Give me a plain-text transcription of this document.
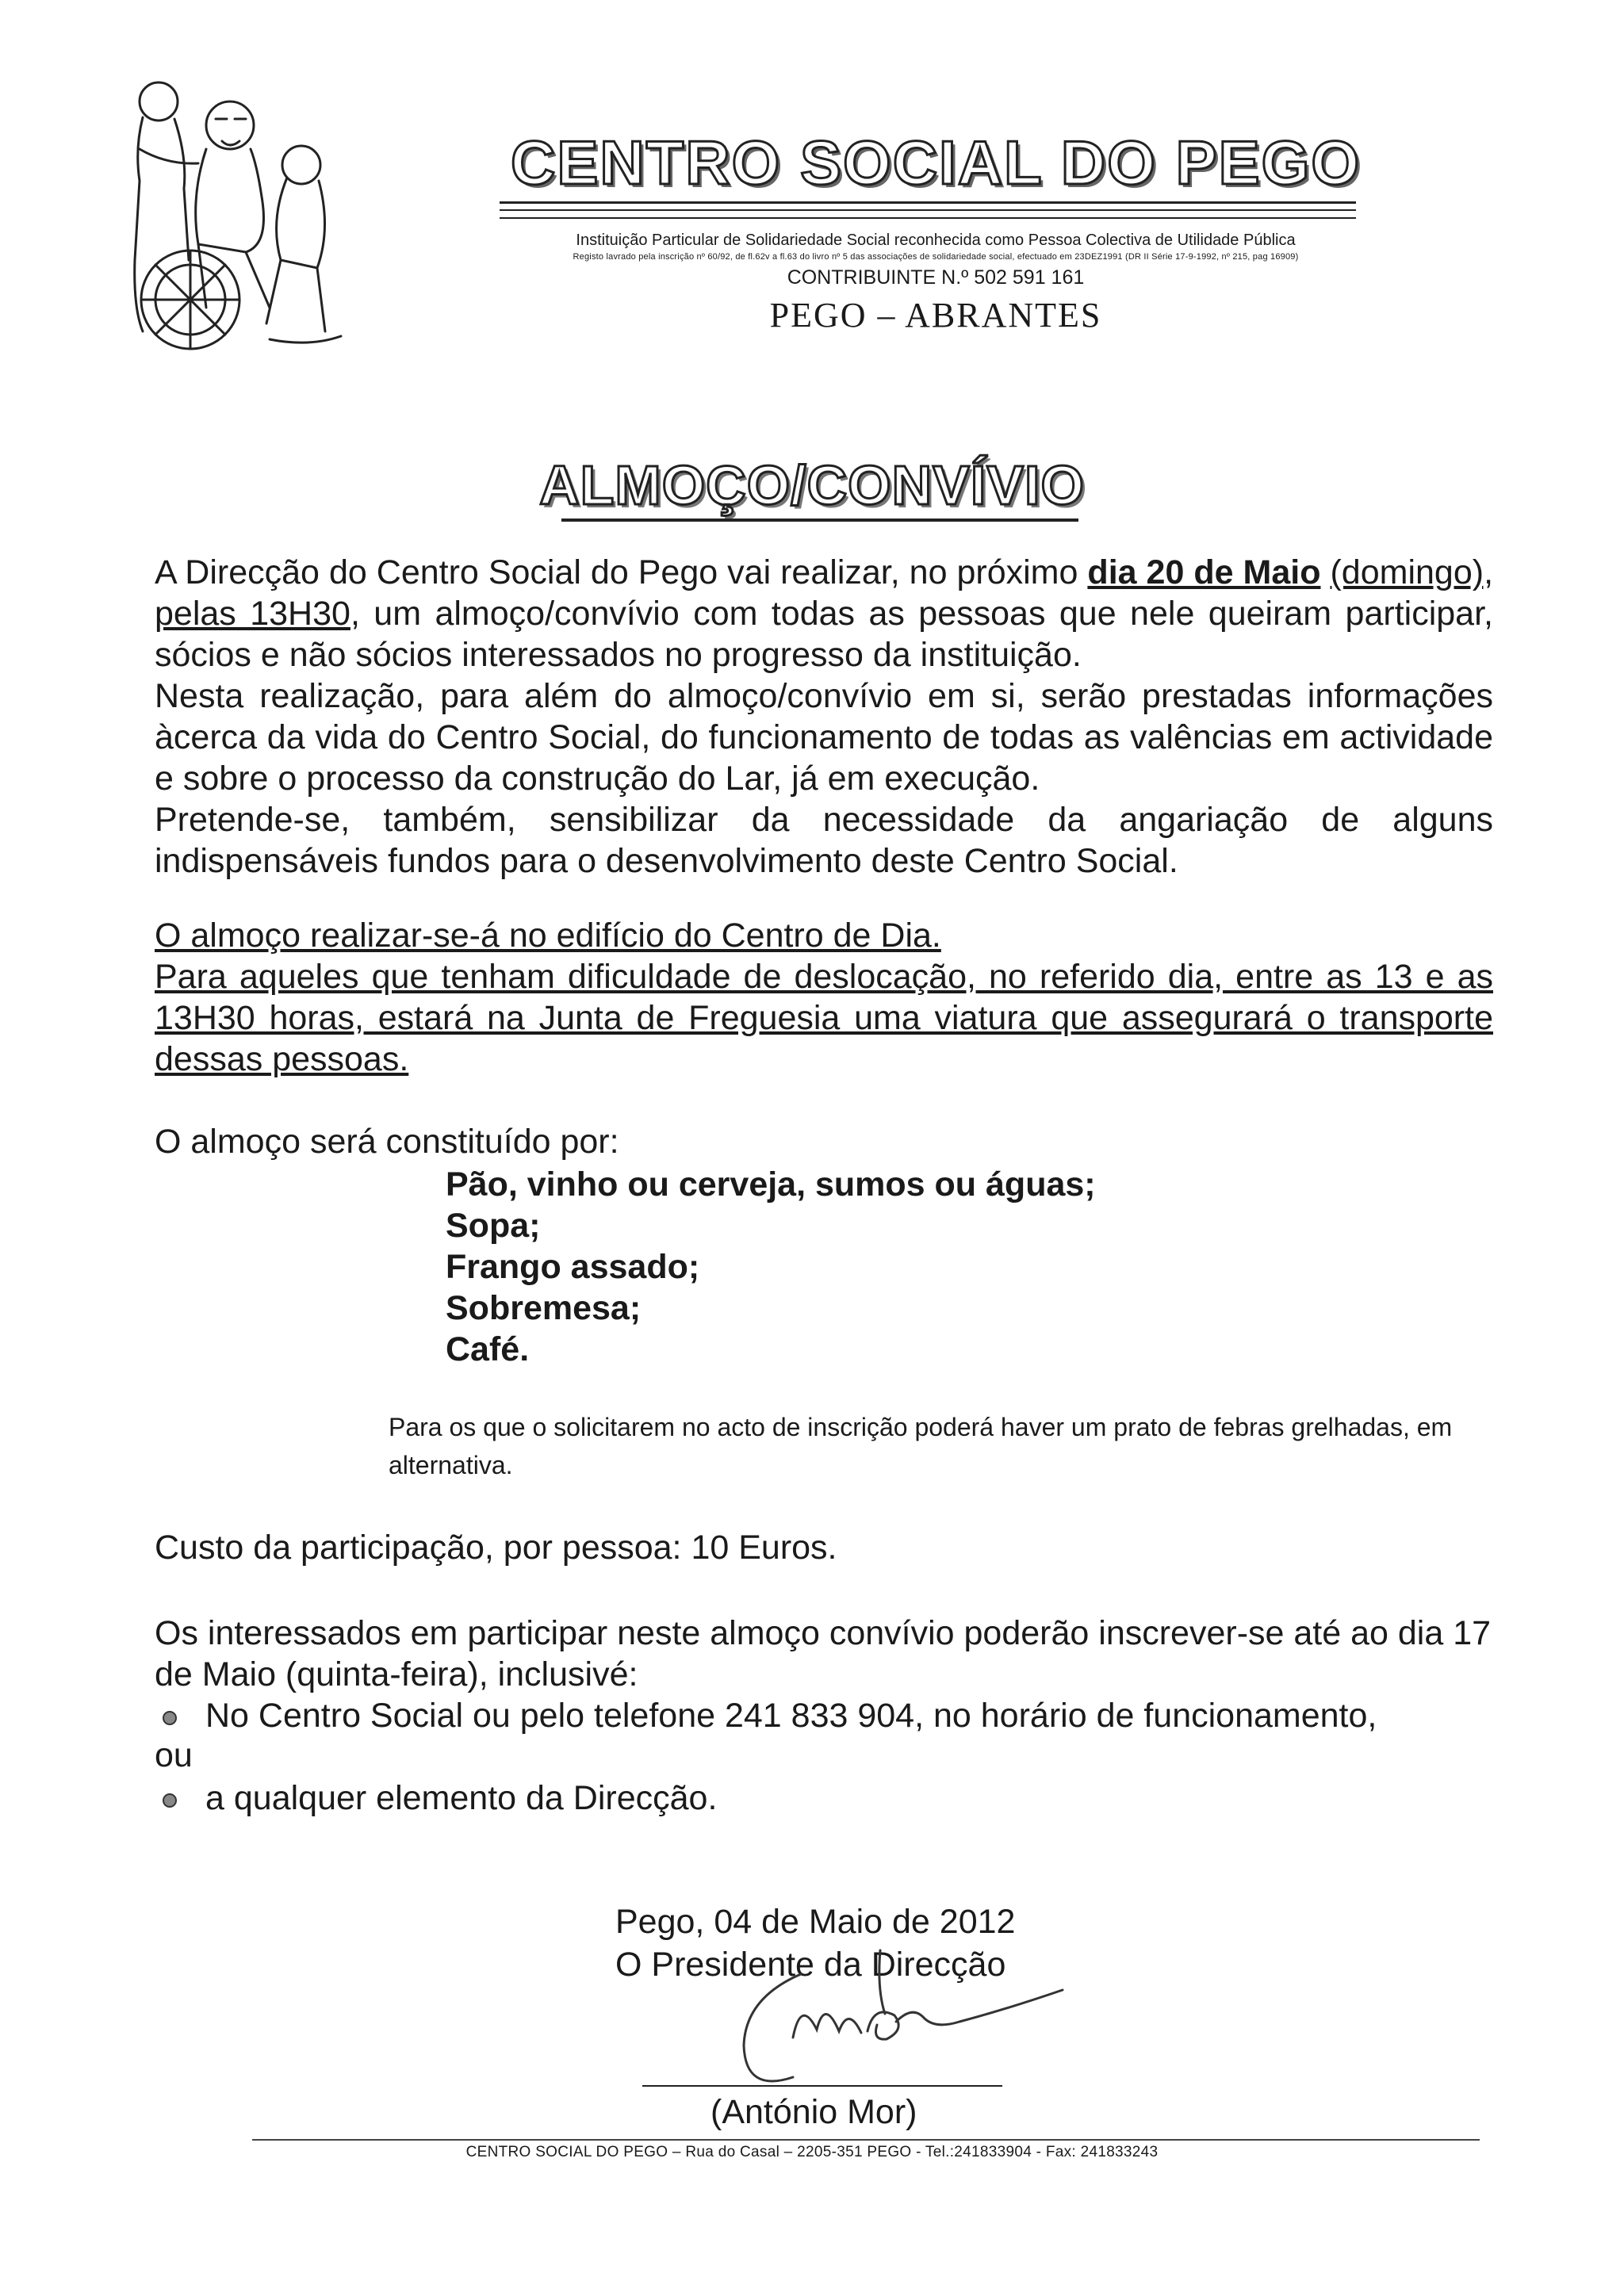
CENTRO SOCIAL DO PEGO
Instituição Particular de Solidariedade Social reconhecida como Pessoa Colectiva de Utilidade Pública
Registo lavrado pela inscrição nº 60/92, de fl.62v a fl.63 do livro nº 5 das associações de solidariedade social, efectuado em 23DEZ1991 (DR II Série 17-9-1992, nº 215, pag 16909)
CONTRIBUINTE N.º 502 591 161
PEGO – ABRANTES
ALMOÇO/CONVÍVIO
A Direcção do Centro Social do Pego vai realizar, no próximo dia 20 de Maio (domingo), pelas 13H30, um almoço/convívio com todas as pessoas que nele queiram participar, sócios e não sócios interessados no progresso da instituição.
Nesta realização, para além do almoço/convívio em si, serão prestadas informações àcerca da vida do Centro Social, do funcionamento de todas as valências em actividade e sobre o processo da construção do Lar, já em execução.
Pretende-se, também, sensibilizar da necessidade da angariação de alguns indispensáveis fundos para o desenvolvimento deste Centro Social.
O almoço realizar-se-á no edifício do Centro de Dia.
Para aqueles que tenham dificuldade de deslocação, no referido dia, entre as 13 e as 13H30 horas, estará na Junta de Freguesia uma viatura que assegurará o transporte dessas pessoas.
O almoço será constituído por:
Pão, vinho ou cerveja, sumos ou águas;
Sopa;
Frango assado;
Sobremesa;
Café.
Para os que o solicitarem no acto de inscrição poderá haver um prato de febras grelhadas, em alternativa.
Custo da participação, por pessoa: 10 Euros.
Os interessados em participar neste almoço convívio poderão inscrever-se até ao dia 17 de Maio (quinta-feira), inclusivé:
No Centro Social ou pelo telefone 241 833 904, no horário de funcionamento,
ou
a qualquer elemento da Direcção.
Pego, 04 de Maio de 2012
O Presidente da Direcção
(António Mor)
CENTRO SOCIAL DO PEGO – Rua do Casal – 2205-351 PEGO - Tel.:241833904 - Fax: 241833243
